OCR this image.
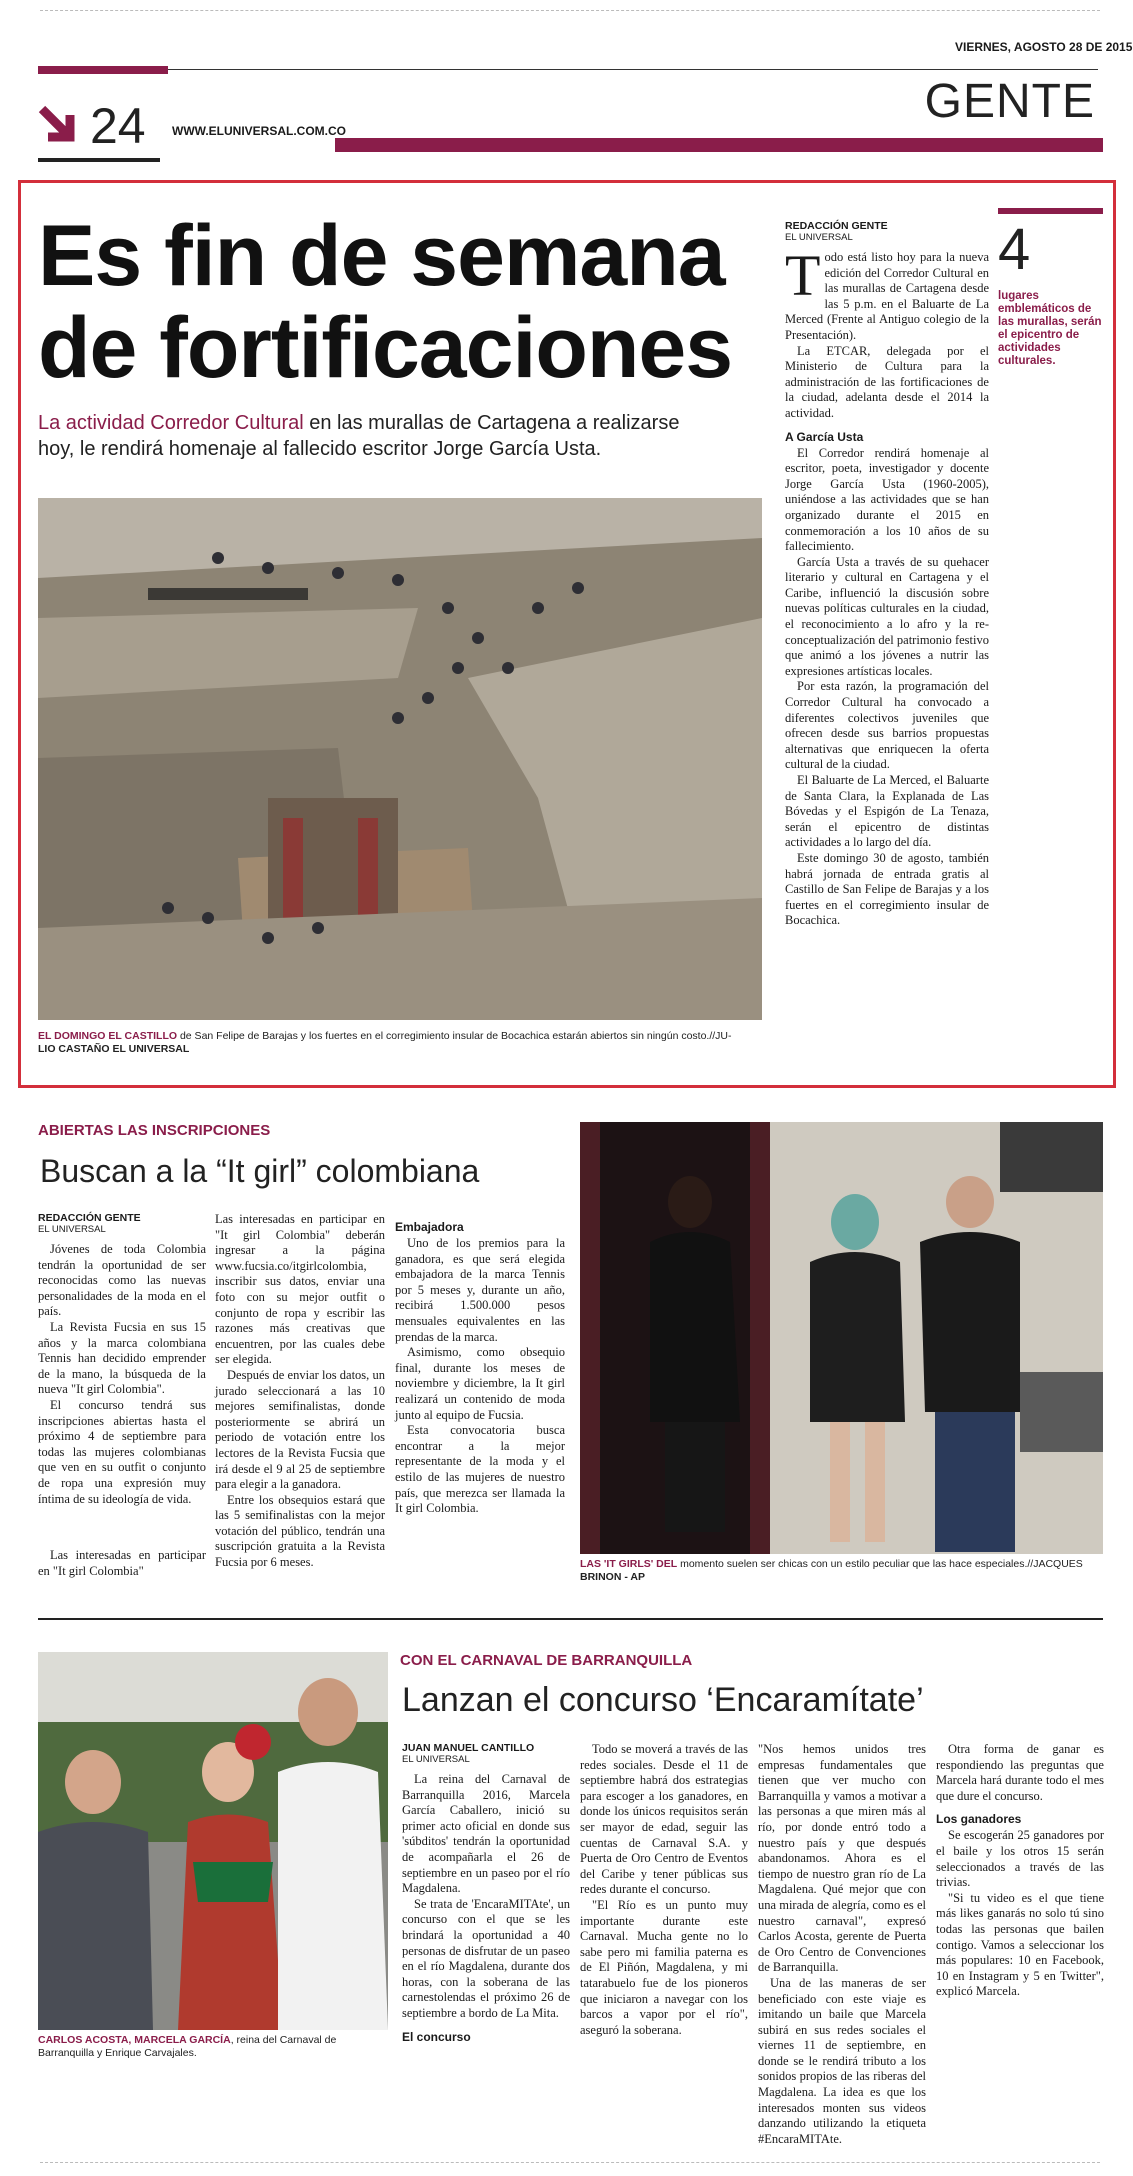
VIERNES, AGOSTO 28 DE 2015
GENTE
24 WWW.ELUNIVERSAL.COM.CO
Es fin de semana
de fortificaciones
La actividad Corredor Cultural en las murallas de Cartagena a realizarse
hoy, le rendirá homenaje al fallecido escritor Jorge García Usta.
EL DOMINGO EL CASTILLO de San Felipe de Barajas y los fuertes en el corregimiento insular de Bocachica estarán abiertos sin ningún costo.//JU-
LIO CASTAÑO EL UNIVERSAL
REDACCIÓN GENTE
EL UNIVERSAL

Todo está listo hoy para la nueva edición del Corredor Cultural en las murallas de Cartagena desde las 5 p.m. en el Baluarte de La Merced (Frente al Antiguo colegio de la Presentación).

La ETCAR, delegada por el Ministerio de Cultura para la administración de las fortificaciones de la ciudad, adelanta desde el 2014 la actividad.

A García Usta

El Corredor rendirá homenaje al escritor, poeta, investigador y docente Jorge García Usta (1960-2005), uniéndose a las actividades que se han organizado durante el 2015 en conmemoración a los 10 años de su fallecimiento.

García Usta a través de su quehacer literario y cultural en Cartagena y el Caribe, influenció la discusión sobre nuevas políticas culturales en la ciudad, el reconocimiento a lo afro y la re-conceptualización del patrimonio festivo que animó a los jóvenes a nutrir las expresiones artísticas locales.

Por esta razón, la programación del Corredor Cultural ha convocado a diferentes colectivos juveniles que ofrecen desde sus barrios propuestas alternativas que enriquecen la oferta cultural de la ciudad.

El Baluarte de La Merced, el Baluarte de Santa Clara, la Explanada de Las Bóvedas y el Espigón de La Tenaza, serán el epicentro de distintas actividades a lo largo del día.

Este domingo 30 de agosto, también habrá jornada de entrada gratis al Castillo de San Felipe de Barajas y a los fuertes en el corregimiento insular de Bocachica.

4
lugares emblemáticos de las murallas, serán el epicentro de actividades culturales.
ABIERTAS LAS INSCRIPCIONES
Buscan a la “It girl” colombiana
REDACCIÓN GENTE
EL UNIVERSAL

Jóvenes de toda Colombia tendrán la oportunidad de ser reconocidas como las nuevas personalidades de la moda en el país.

La Revista Fucsia en sus 15 años y la marca colombiana Tennis han decidido emprender de la mano, la búsqueda de la nueva "It girl Colombia".

El concurso tendrá sus inscripciones abiertas hasta el próximo 4 de septiembre para todas las mujeres colombianas que ven en su outfit o conjunto de ropa una expresión muy íntima de su ideología de vida.

Las interesadas en participar en "It girl Colombia"

Las interesadas en participar en "It girl Colombia" deberán ingresar a la página www.fucsia.co/itgirlcolombia, inscribir sus datos, enviar una foto con su mejor outfit o conjunto de ropa y escribir las razones más creativas que encuentren, por las cuales debe ser elegida.

Después de enviar los datos, un jurado seleccionará a las 10 mejores semifinalistas, donde posteriormente se abrirá un periodo de votación entre los lectores de la Revista Fucsia que irá desde el 9 al 25 de septiembre para elegir a la ganadora.

Entre los obsequios estará que las 5 semifinalistas con la mejor votación del público, tendrán una suscripción gratuita a la Revista Fucsia por 6 meses.

Embajadora

Uno de los premios para la ganadora, es que será elegida embajadora de la marca Tennis por 5 meses y, durante un año, recibirá 1.500.000 pesos mensuales equivalentes en las prendas de la marca.

Asimismo, como obsequio final, durante los meses de noviembre y diciembre, la It girl realizará un contenido de moda junto al equipo de Fucsia.

Esta convocatoria busca encontrar a la mejor representante de la moda y el estilo de las mujeres de nuestro país, que merezca ser llamada la It girl Colombia.

LAS 'IT GIRLS' DEL momento suelen ser chicas con un estilo peculiar que las hace especiales.//JACQUES
BRINON - AP
CON EL CARNAVAL DE BARRANQUILLA
Lanzan el concurso ‘Encaramítate’
CARLOS ACOSTA, MARCELA GARCÍA, reina del Carnaval de Barranquilla y Enrique Carvajales.
JUAN MANUEL CANTILLO
EL UNIVERSAL

La reina del Carnaval de Barranquilla 2016, Marcela García Caballero, inició su primer acto oficial en donde sus 'súbditos' tendrán la oportunidad de acompañarla el 26 de septiembre en un paseo por el río Magdalena.

Se trata de 'EncaraMITAte', un concurso con el que se les brindará la oportunidad a 40 personas de disfrutar de un paseo en el río Magdalena, durante dos horas, con la soberana de las carnestolendas el próximo 26 de septiembre a bordo de La Mita.

El concurso

Todo se moverá a través de las redes sociales. Desde el 11 de septiembre habrá dos estrategias para escoger a los ganadores, en donde los únicos requisitos serán ser mayor de edad, seguir las cuentas de Carnaval S.A. y Puerta de Oro Centro de Eventos del Caribe y tener públicas sus redes durante el concurso.

"El Río es un punto muy importante durante este Carnaval. Mucha gente no lo sabe pero mi familia paterna es de El Piñón, Magdalena, y mi tatarabuelo fue de los pioneros que iniciaron a navegar con los barcos a vapor por el río", aseguró la soberana.

"Nos hemos unidos tres empresas fundamentales que tienen que ver mucho con Barranquilla y vamos a motivar a las personas a que miren más al río, por donde entró todo a nuestro país y que después abandonamos. Ahora es el tiempo de nuestro gran río de La Magdalena. Qué mejor que con una mirada de alegría, como es el nuestro carnaval", expresó Carlos Acosta, gerente de Puerta de Oro Centro de Convenciones de Barranquilla.

Una de las maneras de ser beneficiado con este viaje es imitando un baile que Marcela subirá en sus redes sociales el viernes 11 de septiembre, en donde se le rendirá tributo a los sonidos propios de las riberas del Magdalena. La idea es que los interesados monten sus videos danzando utilizando la etiqueta #EncaraMITAte.

Otra forma de ganar es respondiendo las preguntas que Marcela hará durante todo el mes que dure el concurso.

Los ganadores

Se escogerán 25 ganadores por el baile y los otros 15 serán seleccionados a través de las trivias.

"Si tu video es el que tiene más likes ganarás no solo tú sino todas las personas que bailen contigo. Vamos a seleccionar los más populares: 10 en Facebook, 10 en Instagram y 5 en Twitter", explicó Marcela.
